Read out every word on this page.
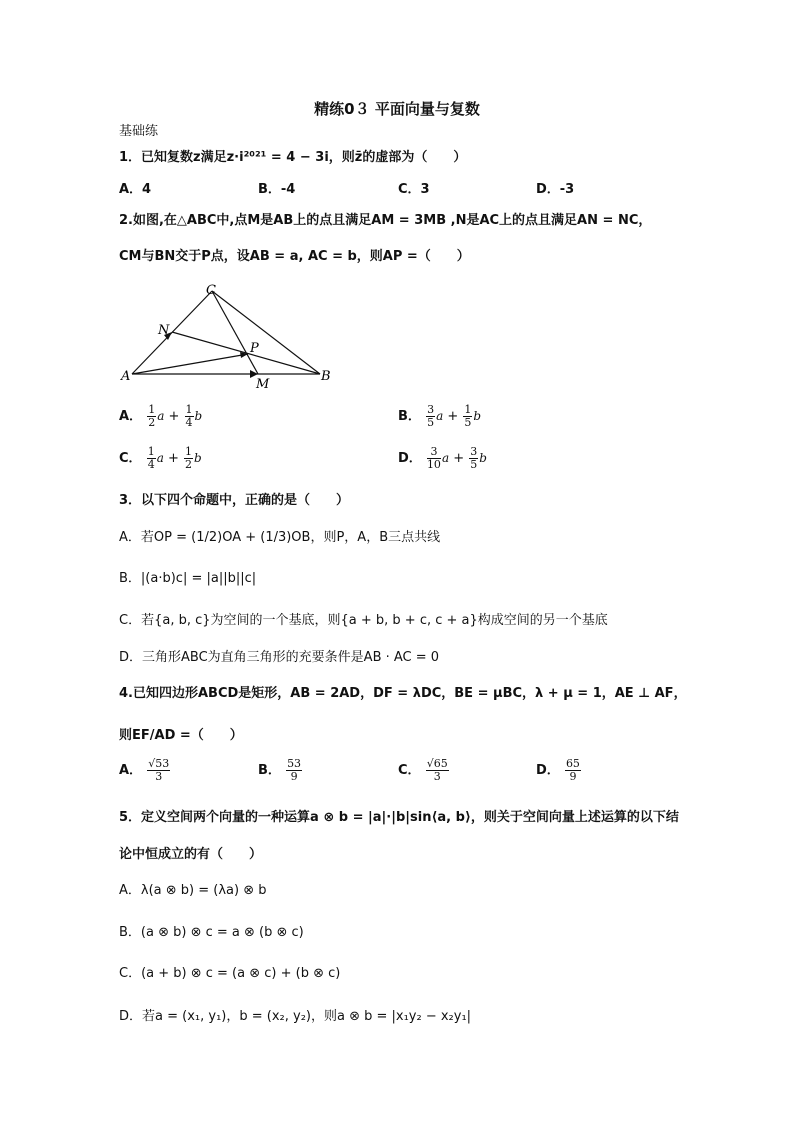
精练0３ 平面向量与复数
基础练
1．已知复数z满足z·i²⁰²¹ = 4 − 3i，则z̄的虚部为（　　）
A．4	B．-4	C．3	D．-3
2.如图,在△ABC中,点M是AB上的点且满足AM = 3MB ,N是AC上的点且满足AN = NC，
CM与BN交于P点，设AB = a, AC = b，则AP =（　　）
C
N
P
A
M
B
A． $\frac{1}{2}$ $a + \frac{1}{4}$ b	B． $\frac{3}{5}$ $a + \frac{1}{5}$ b
C． $\frac{1}{4}$ $a + \frac{1}{2}$ b	D． $\frac{3}{10}$ $a + \frac{3}{5}$ b
3．以下四个命题中，正确的是（　　）
A．若OP = (1/2)OA + (1/3)OB，则P，A，B三点共线
B．|(a·b)c| = |a||b||c|
C．若{a, b, c}为空间的一个基底，则{a + b, b + c, c + a}构成空间的另一个基底
D．三角形ABC为直角三角形的充要条件是AB · AC = 0
4.已知四边形ABCD是矩形，AB = 2AD，DF = λDC，BE = μBC，λ + μ = 1，AE ⊥ AF，
则EF/AD =（　　）
A． $\frac{√53}{3}$	B． $\frac{53}{9}$	C． $\frac{√65}{3}$	D． $\frac{65}{9}$
5．定义空间两个向量的一种运算a ⊗ b = |a|·|b|sin⟨a, b⟩，则关于空间向量上述运算的以下结
论中恒成立的有（　　）
A．λ(a ⊗ b) = (λa) ⊗ b
B．(a ⊗ b) ⊗ c = a ⊗ (b ⊗ c)
C．(a + b) ⊗ c = (a ⊗ c) + (b ⊗ c)
D．若a = (x₁, y₁)，b = (x₂, y₂)，则a ⊗ b = |x₁y₂ − x₂y₁|
